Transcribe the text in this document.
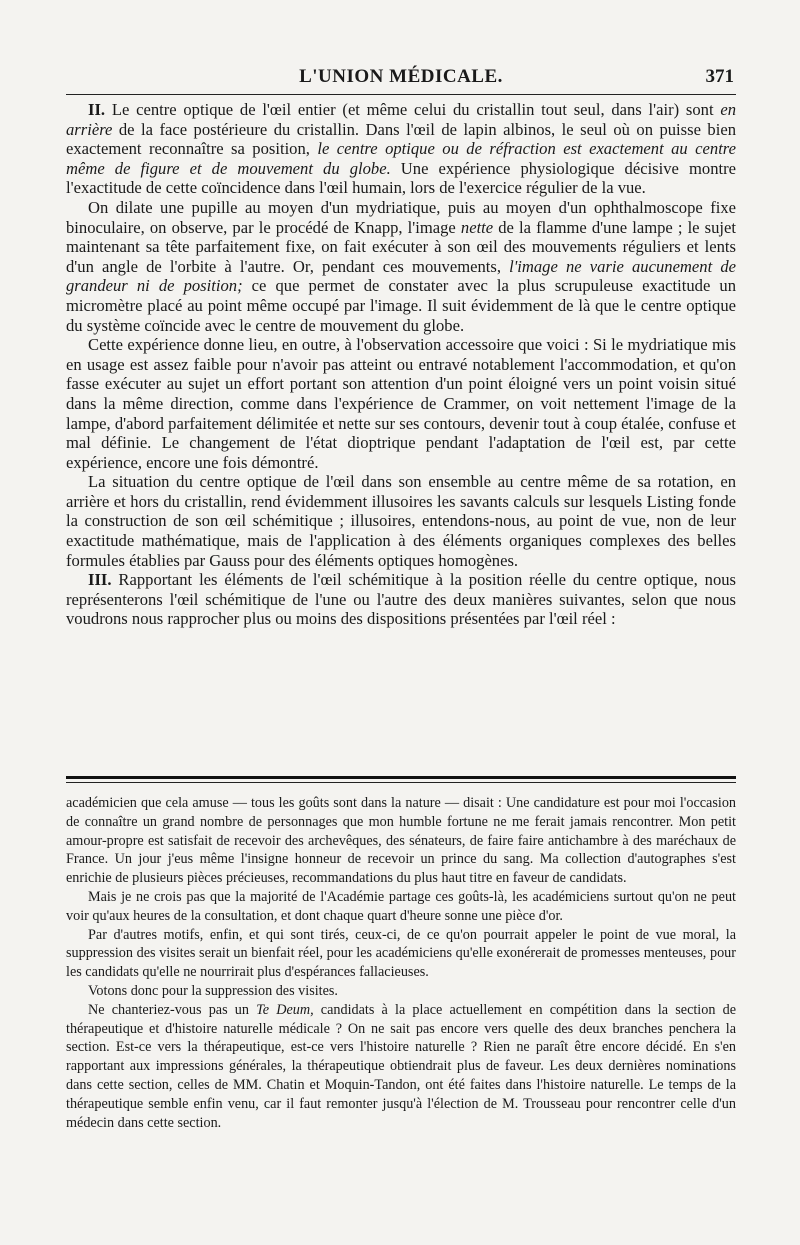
L'UNION MÉDICALE.	371

II. Le centre optique de l'œil entier (et même celui du cristallin tout seul, dans l'air) sont en arrière de la face postérieure du cristallin. Dans l'œil de lapin albinos, le seul où on puisse bien exactement reconnaître sa position, le centre optique ou de réfraction est exactement au centre même de figure et de mouvement du globe. Une expérience physiologique décisive montre l'exactitude de cette coïncidence dans l'œil humain, lors de l'exercice régulier de la vue.

On dilate une pupille au moyen d'un mydriatique, puis au moyen d'un ophthalmoscope fixe binoculaire, on observe, par le procédé de Knapp, l'image nette de la flamme d'une lampe ; le sujet maintenant sa tête parfaitement fixe, on fait exécuter à son œil des mouvements réguliers et lents d'un angle de l'orbite à l'autre. Or, pendant ces mouvements, l'image ne varie aucunement de grandeur ni de position; ce que permet de constater avec la plus scrupuleuse exactitude un micromètre placé au point même occupé par l'image. Il suit évidemment de là que le centre optique du système coïncide avec le centre de mouvement du globe.

Cette expérience donne lieu, en outre, à l'observation accessoire que voici : Si le mydriatique mis en usage est assez faible pour n'avoir pas atteint ou entravé notablement l'accommodation, et qu'on fasse exécuter au sujet un effort portant son attention d'un point éloigné vers un point voisin situé dans la même direction, comme dans l'expérience de Crammer, on voit nettement l'image de la lampe, d'abord parfaitement délimitée et nette sur ses contours, devenir tout à coup étalée, confuse et mal définie. Le changement de l'état dioptrique pendant l'adaptation de l'œil est, par cette expérience, encore une fois démontré.

La situation du centre optique de l'œil dans son ensemble au centre même de sa rotation, en arrière et hors du cristallin, rend évidemment illusoires les savants calculs sur lesquels Listing fonde la construction de son œil schémitique ; illusoires, entendons-nous, au point de vue, non de leur exactitude mathématique, mais de l'application à des éléments organiques complexes des belles formules établies par Gauss pour des éléments optiques homogènes.

III. Rapportant les éléments de l'œil schémitique à la position réelle du centre optique, nous représenterons l'œil schémitique de l'une ou l'autre des deux manières suivantes, selon que nous voudrons nous rapprocher plus ou moins des dispositions présentées par l'œil réel :

académicien que cela amuse — tous les goûts sont dans la nature — disait : Une candidature est pour moi l'occasion de connaître un grand nombre de personnages que mon humble fortune ne me ferait jamais rencontrer. Mon petit amour-propre est satisfait de recevoir des archevêques, des sénateurs, de faire faire antichambre à des maréchaux de France. Un jour j'eus même l'insigne honneur de recevoir un prince du sang. Ma collection d'autographes s'est enrichie de plusieurs pièces précieuses, recommandations du plus haut titre en faveur de candidats.

Mais je ne crois pas que la majorité de l'Académie partage ces goûts-là, les académiciens surtout qu'on ne peut voir qu'aux heures de la consultation, et dont chaque quart d'heure sonne une pièce d'or.

Par d'autres motifs, enfin, et qui sont tirés, ceux-ci, de ce qu'on pourrait appeler le point de vue moral, la suppression des visites serait un bienfait réel, pour les académiciens qu'elle exonérerait de promesses menteuses, pour les candidats qu'elle ne nourrirait plus d'espérances fallacieuses.

Votons donc pour la suppression des visites.

Ne chanteriez-vous pas un Te Deum, candidats à la place actuellement en compétition dans la section de thérapeutique et d'histoire naturelle médicale ? On ne sait pas encore vers quelle des deux branches penchera la section. Est-ce vers la thérapeutique, est-ce vers l'histoire naturelle ? Rien ne paraît être encore décidé. En s'en rapportant aux impressions générales, la thérapeutique obtiendrait plus de faveur. Les deux dernières nominations dans cette section, celles de MM. Chatin et Moquin-Tandon, ont été faites dans l'histoire naturelle. Le temps de la thérapeutique semble enfin venu, car il faut remonter jusqu'à l'élection de M. Trousseau pour rencontrer celle d'un médecin dans cette section.
